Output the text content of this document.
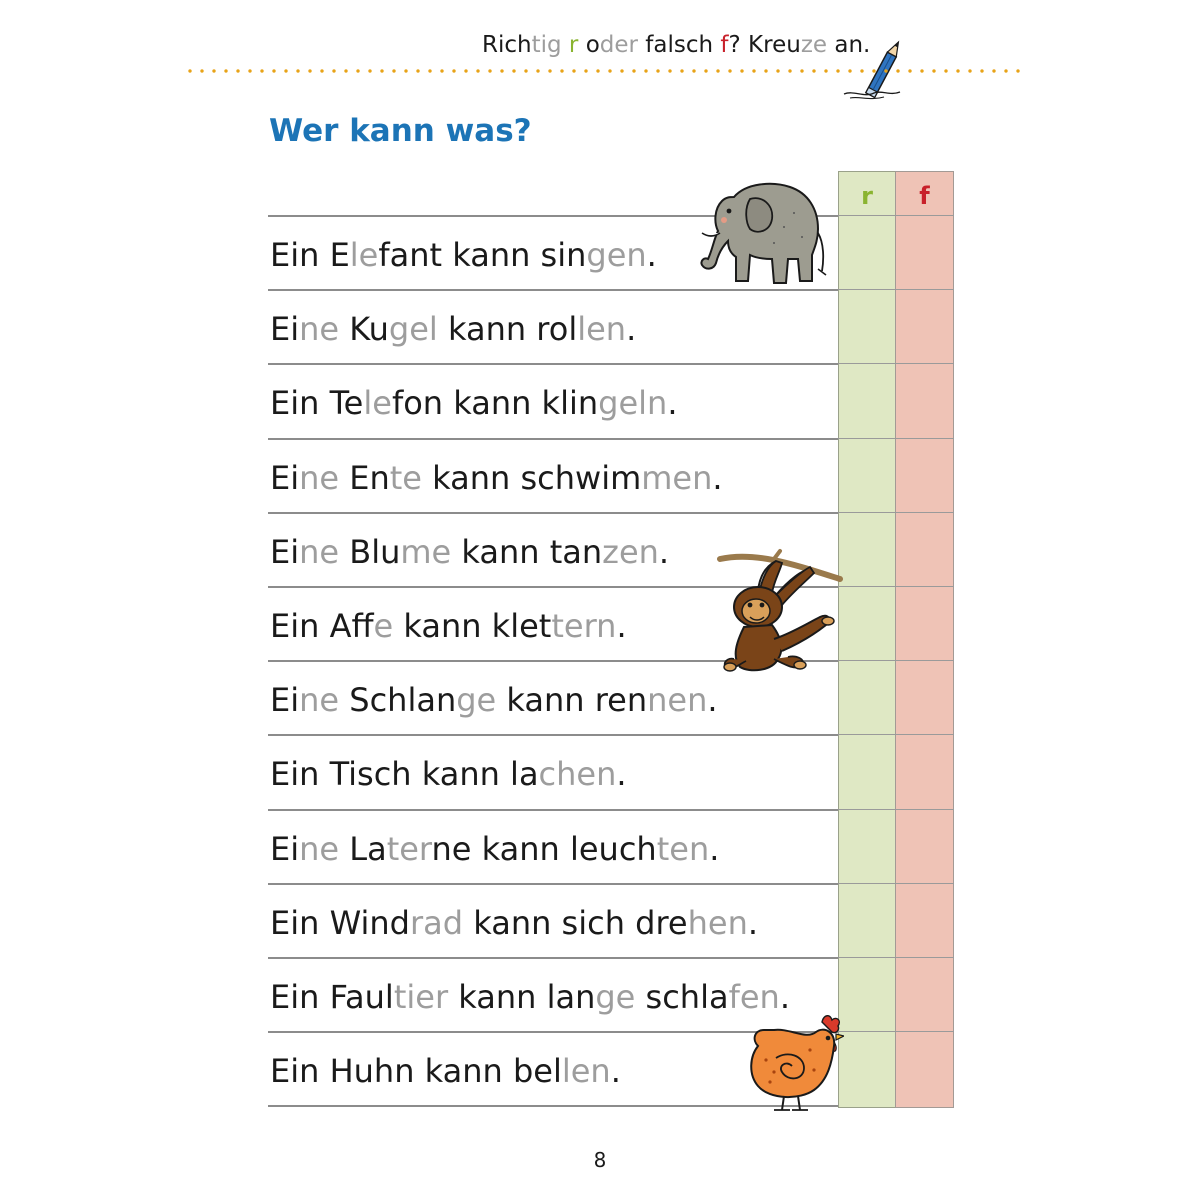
Richtig r oder falsch f? Kreuze an.
Wer kann was?
r	f
Ein Elefant kann singen.
Eine Kugel kann rollen.
Ein Telefon kann klingeln.
Eine Ente kann schwimmen.
Eine Blume kann tanzen.
Ein Affe kann klettern.
Eine Schlange kann rennen.
Ein Tisch kann lachen.
Eine Laterne kann leuchten.
Ein Windrad kann sich drehen.
Ein Faultier kann lange schlafen.
Ein Huhn kann bellen.
8
